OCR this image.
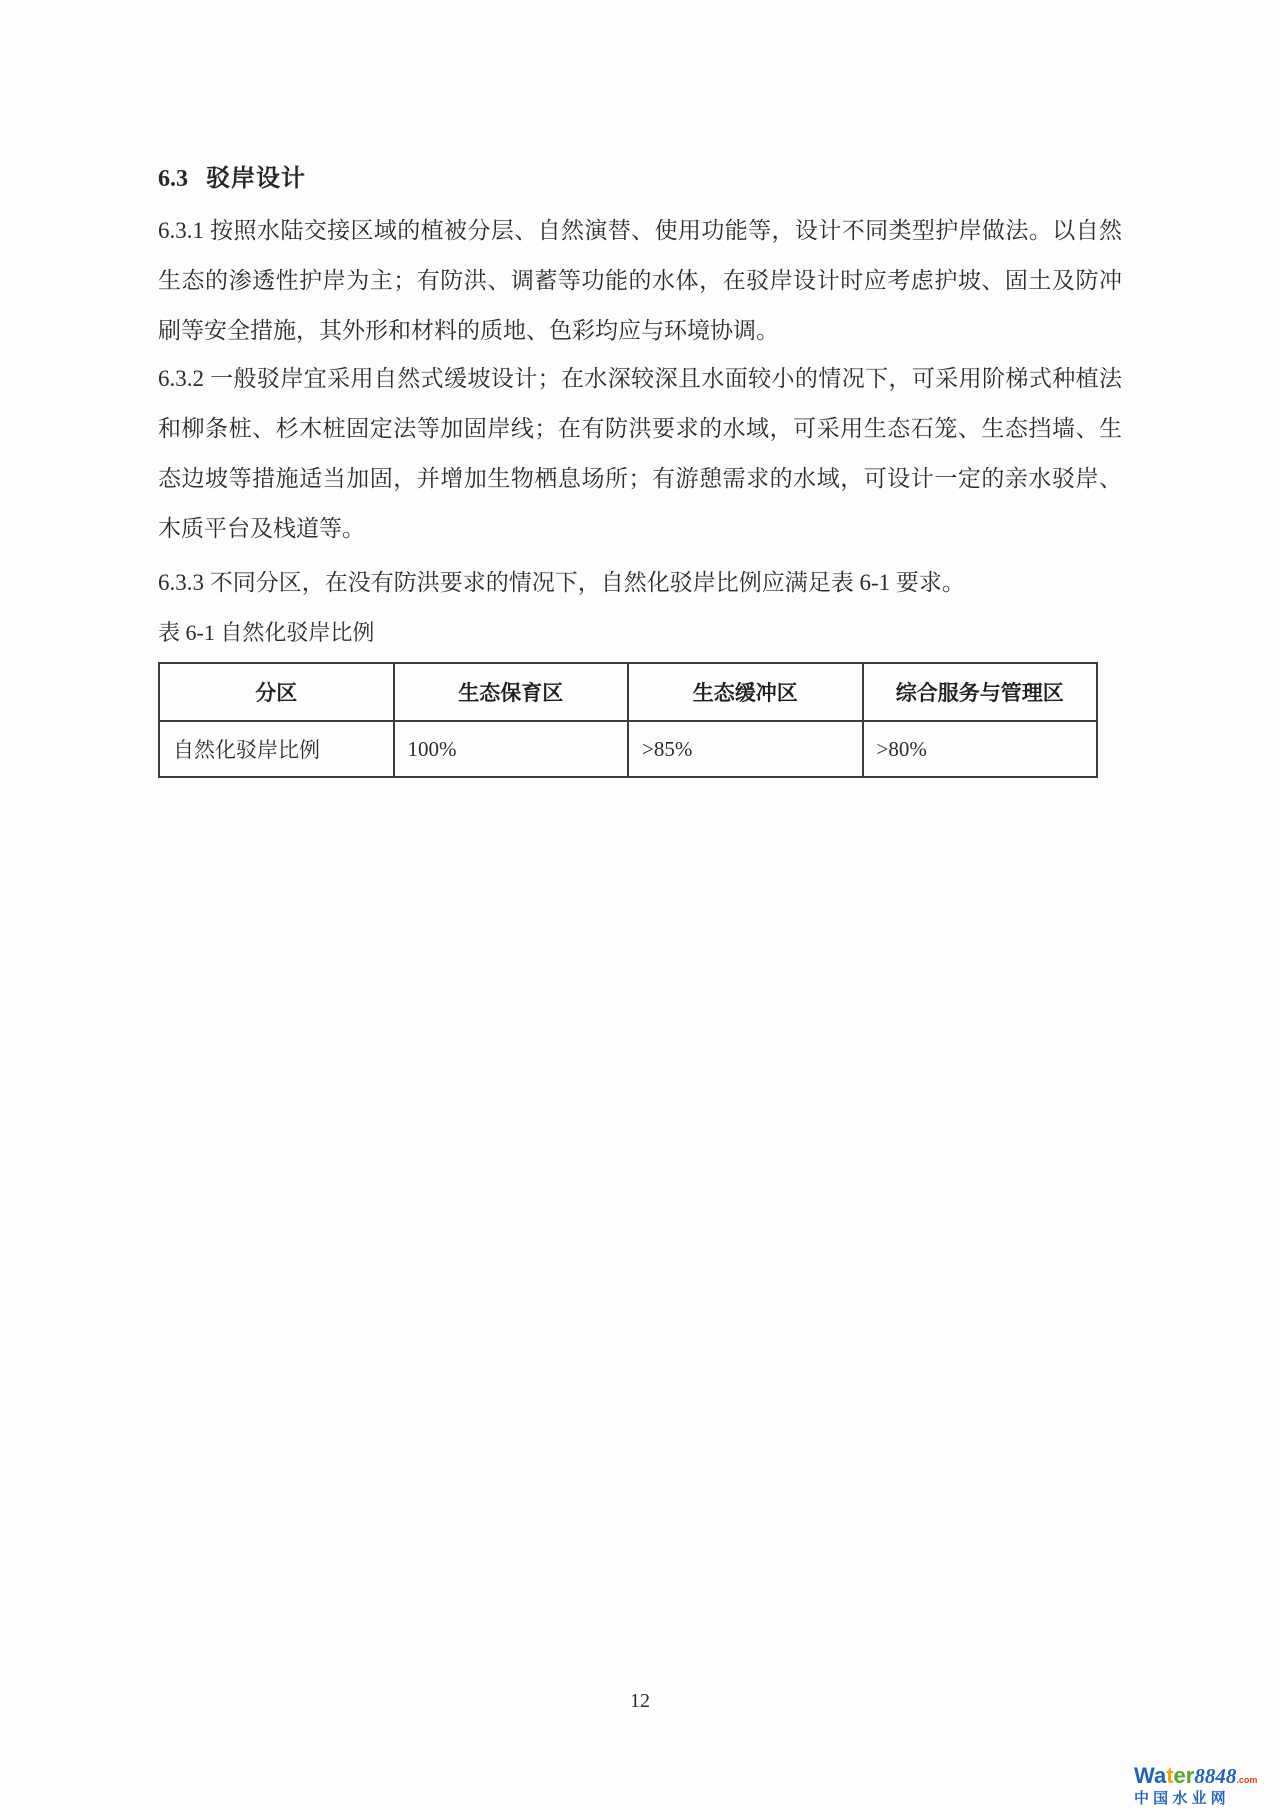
6.3 驳岸设计

6.3.1 按照水陆交接区域的植被分层、自然演替、使用功能等，设计不同类型护岸做法。以自然生态的渗透性护岸为主；有防洪、调蓄等功能的水体，在驳岸设计时应考虑护坡、固土及防冲刷等安全措施，其外形和材料的质地、色彩均应与环境协调。

6.3.2 一般驳岸宜采用自然式缓坡设计；在水深较深且水面较小的情况下，可采用阶梯式种植法和柳条桩、杉木桩固定法等加固岸线；在有防洪要求的水域，可采用生态石笼、生态挡墙、生态边坡等措施适当加固，并增加生物栖息场所；有游憩需求的水域，可设计一定的亲水驳岸、木质平台及栈道等。

6.3.3 不同分区，在没有防洪要求的情况下，自然化驳岸比例应满足表 6-1 要求。

表 6-1 自然化驳岸比例

分区	生态保育区	生态缓冲区	综合服务与管理区
自然化驳岸比例	100%	>85%	>80%
12
Water8848.com
中 国 水 业 网
